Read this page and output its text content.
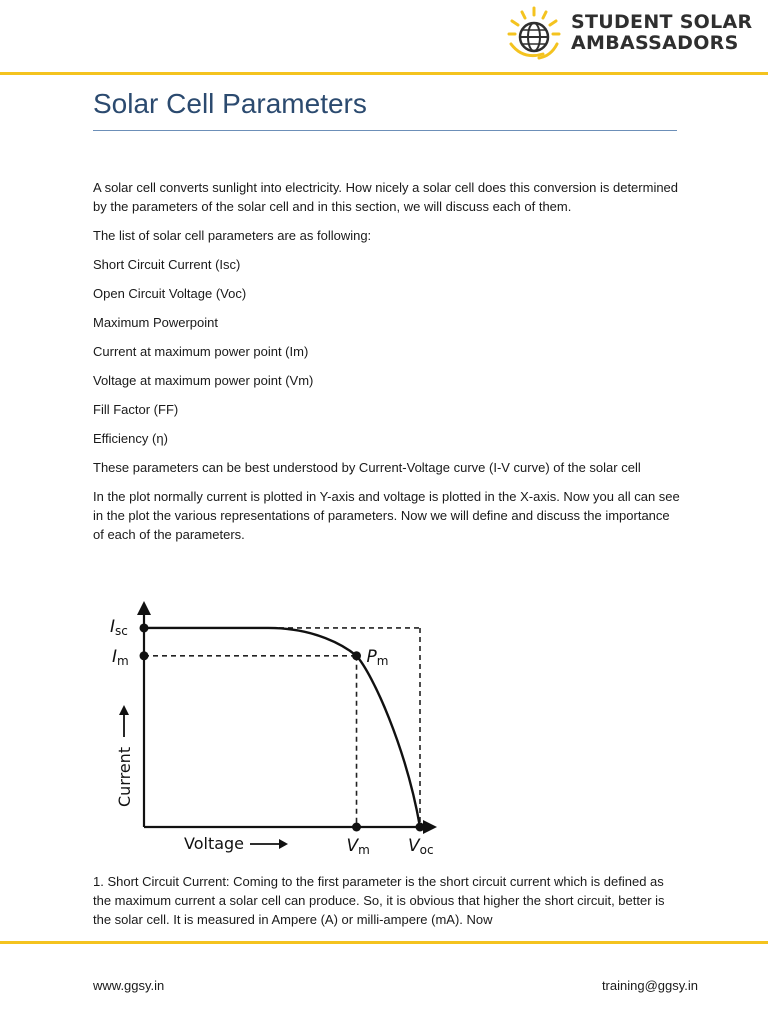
STUDENT SOLAR
AMBASSADORS
Solar Cell Parameters

A solar cell converts sunlight into electricity. How nicely a solar cell does this conversion is determined by the parameters of the solar cell and in this section, we will discuss each of them.

The list of solar cell parameters are as following:

Short Circuit Current (Isc)

Open Circuit Voltage (Voc)

Maximum Powerpoint

Current at maximum power point (Im)

Voltage at maximum power point (Vm)

Fill Factor (FF)

Efficiency (η)

These parameters can be best understood by Current-Voltage curve (I-V curve) of the solar cell

In the plot normally current is plotted in Y-axis and voltage is plotted in the X-axis. Now you all can see in the plot the various representations of parameters. Now we will define and discuss the importance of each of the parameters.

Isc
Im	Pm
Vm Voc
Voltage
Current

1. Short Circuit Current: Coming to the first parameter is the short circuit current which is defined as the maximum current a solar cell can produce. So, it is obvious that higher the short circuit, better is the solar cell. It is measured in Ampere (A) or milli-ampere (mA). Now

www.ggsy.in	training@ggsy.in
